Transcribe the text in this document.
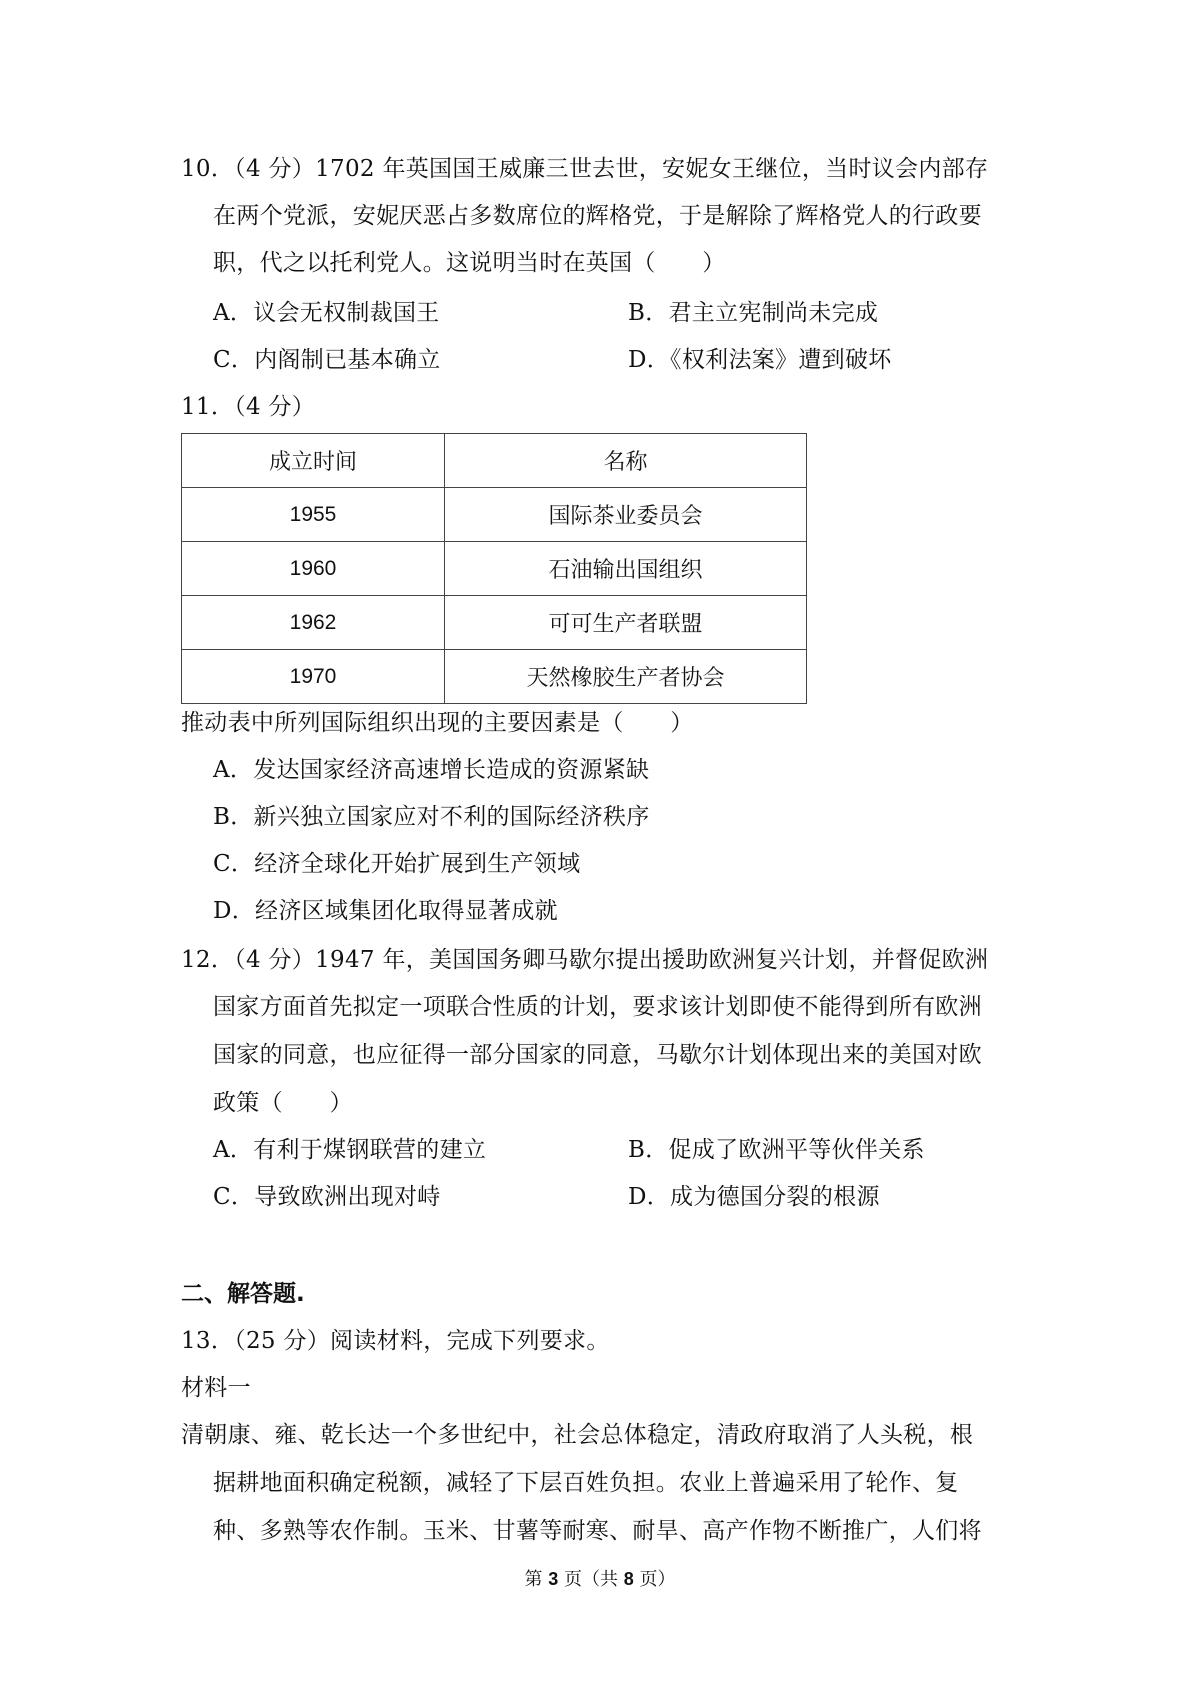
10．（4 分）1702 年英国国王威廉三世去世，安妮女王继位，当时议会内部存
在两个党派，安妮厌恶占多数席位的辉格党，于是解除了辉格党人的行政要
职，代之以托利党人。这说明当时在英国（　　）
A．议会无权制裁国王	B．君主立宪制尚未完成
C．内阁制已基本确立	D．《权利法案》遭到破坏
11．（4 分）
成立时间	名称
1955	国际茶业委员会
1960	石油输出国组织
1962	可可生产者联盟
1970	天然橡胶生产者协会
推动表中所列国际组织出现的主要因素是（　　）
A．发达国家经济高速增长造成的资源紧缺
B．新兴独立国家应对不利的国际经济秩序
C．经济全球化开始扩展到生产领域
D．经济区域集团化取得显著成就
12．（4 分）1947 年，美国国务卿马歇尔提出援助欧洲复兴计划，并督促欧洲
国家方面首先拟定一项联合性质的计划，要求该计划即使不能得到所有欧洲
国家的同意，也应征得一部分国家的同意，马歇尔计划体现出来的美国对欧
政策（　　）
A．有利于煤钢联营的建立	B．促成了欧洲平等伙伴关系
C．导致欧洲出现对峙	D．成为德国分裂的根源
二、解答题.
13．（25 分）阅读材料，完成下列要求。
材料一
清朝康、雍、乾长达一个多世纪中，社会总体稳定，清政府取消了人头税，根
据耕地面积确定税额，减轻了下层百姓负担。农业上普遍采用了轮作、复
种、多熟等农作制。玉米、甘薯等耐寒、耐旱、高产作物不断推广，人们将
第 3 页（共 8 页）
